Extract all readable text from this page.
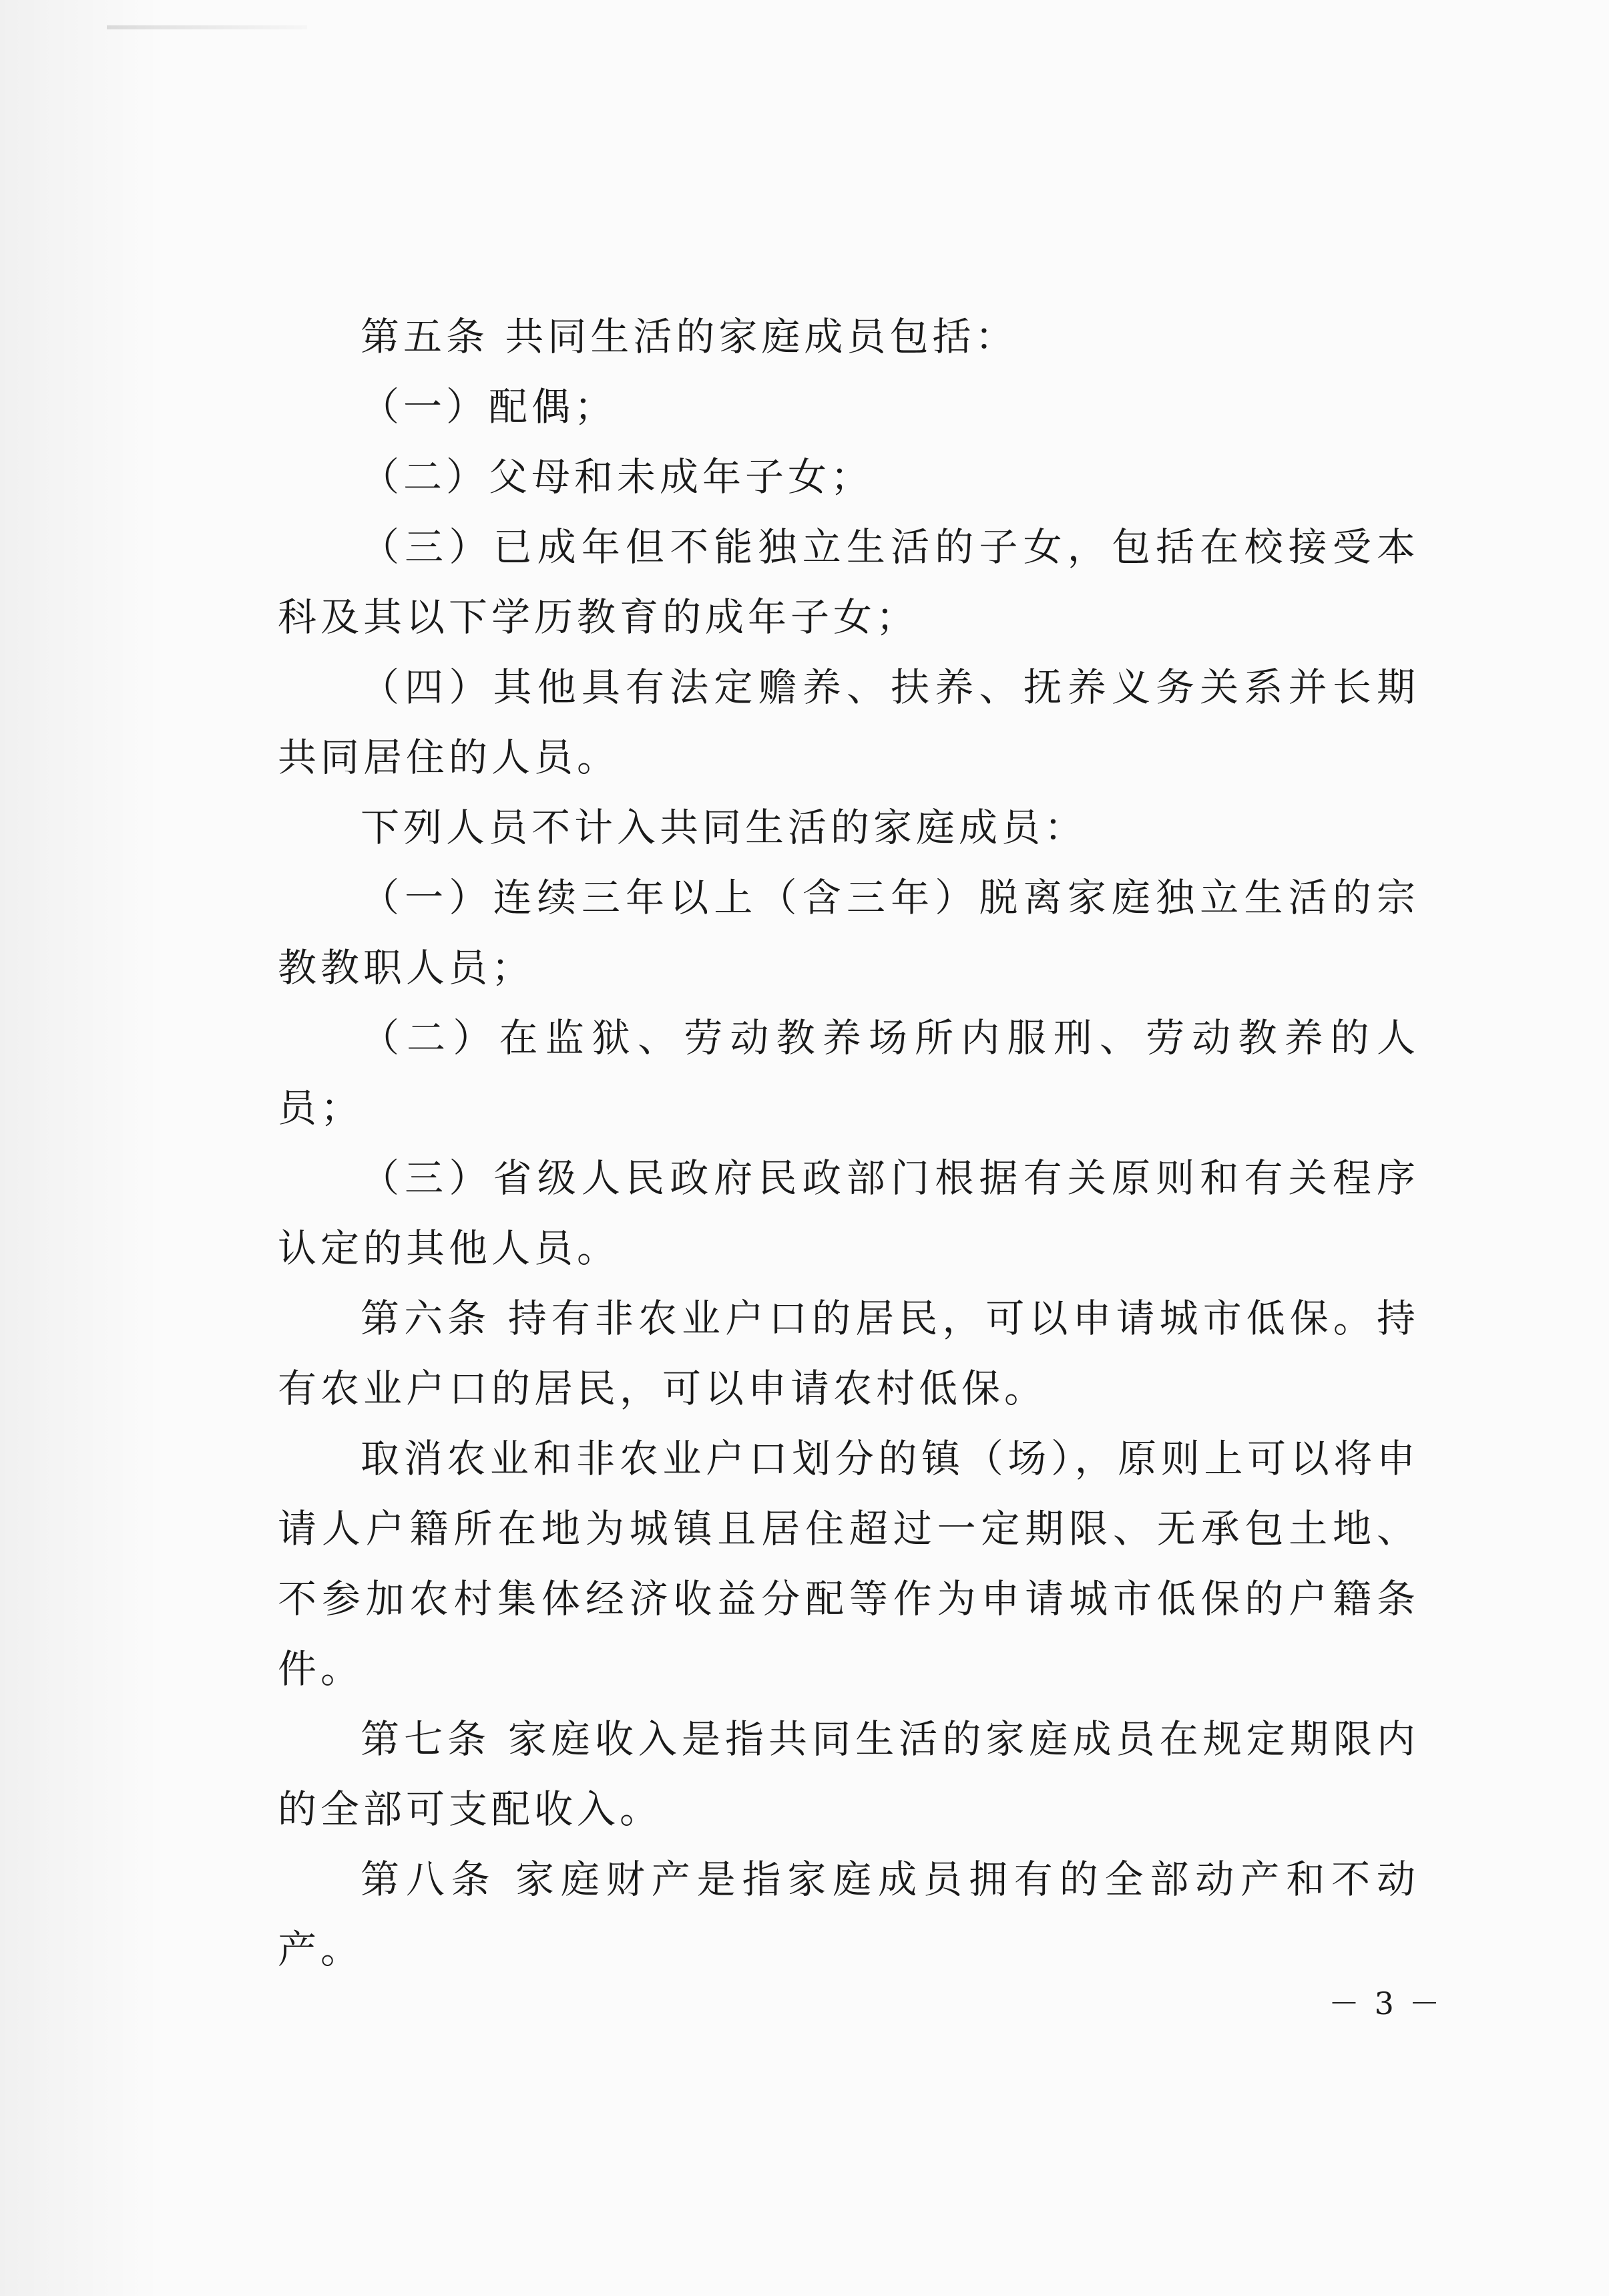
第五条 共同生活的家庭成员包括：

（一）配偶；

（二）父母和未成年子女；

（三）已成年但不能独立生活的子女，包括在校接受本科及其以下学历教育的成年子女；

（四）其他具有法定赡养、扶养、抚养义务关系并长期共同居住的人员。

下列人员不计入共同生活的家庭成员：

（一）连续三年以上（含三年）脱离家庭独立生活的宗教教职人员；

（二）在监狱、劳动教养场所内服刑、劳动教养的人员；

（三）省级人民政府民政部门根据有关原则和有关程序认定的其他人员。

第六条 持有非农业户口的居民，可以申请城市低保。持有农业户口的居民，可以申请农村低保。

取消农业和非农业户口划分的镇（场），原则上可以将申请人户籍所在地为城镇且居住超过一定期限、无承包土地、不参加农村集体经济收益分配等作为申请城市低保的户籍条件。

第七条 家庭收入是指共同生活的家庭成员在规定期限内的全部可支配收入。

第八条 家庭财产是指家庭成员拥有的全部动产和不动产。

－ 3 －
